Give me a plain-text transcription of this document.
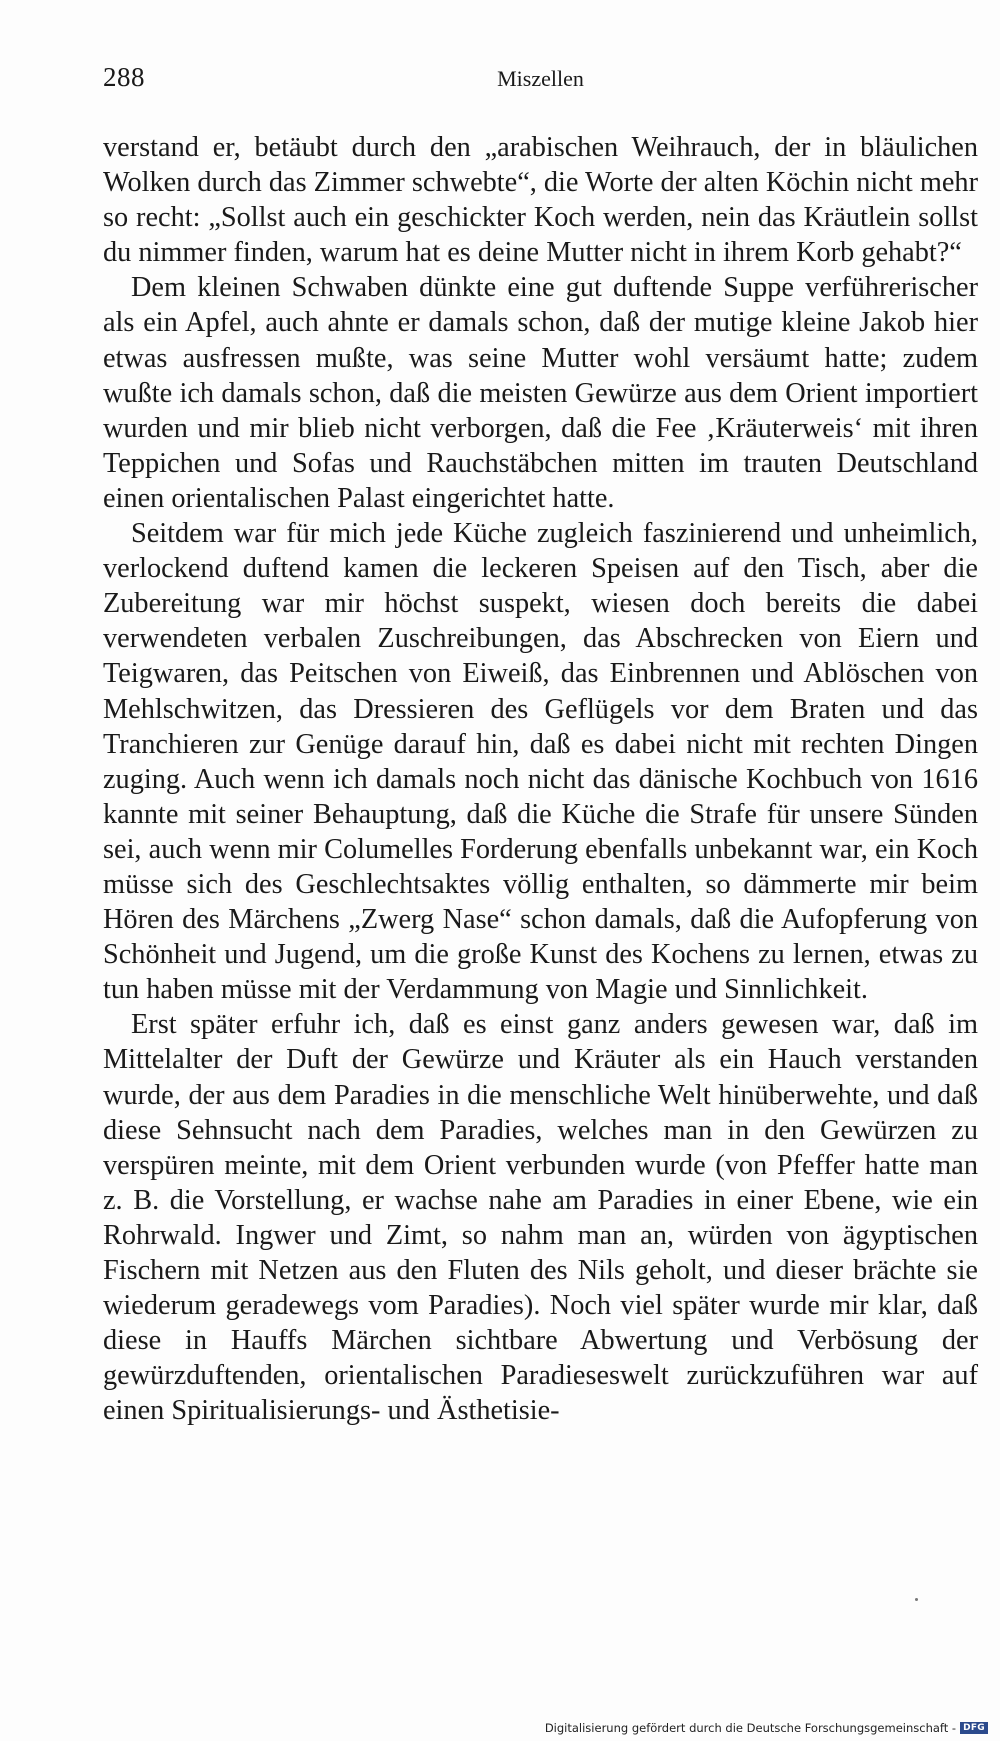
288	Miszellen

verstand er, betäubt durch den „arabischen Weihrauch, der in bläulichen Wolken durch das Zimmer schwebte“, die Worte der alten Köchin nicht mehr so recht: „Sollst auch ein geschickter Koch werden, nein das Kräutlein sollst du nimmer finden, warum hat es deine Mutter nicht in ihrem Korb gehabt?“

Dem kleinen Schwaben dünkte eine gut duftende Suppe verführerischer als ein Apfel, auch ahnte er damals schon, daß der mutige kleine Jakob hier etwas ausfressen mußte, was seine Mutter wohl versäumt hatte; zudem wußte ich damals schon, daß die meisten Gewürze aus dem Orient importiert wurden und mir blieb nicht verborgen, daß die Fee ‚Kräuterweis‘ mit ihren Teppichen und Sofas und Rauchstäbchen mitten im trauten Deutschland einen orientalischen Palast eingerichtet hatte.

Seitdem war für mich jede Küche zugleich faszinierend und unheimlich, verlockend duftend kamen die leckeren Speisen auf den Tisch, aber die Zubereitung war mir höchst suspekt, wiesen doch bereits die dabei verwendeten verbalen Zuschreibungen, das Abschrecken von Eiern und Teigwaren, das Peitschen von Eiweiß, das Einbrennen und Ablöschen von Mehlschwitzen, das Dressieren des Geflügels vor dem Braten und das Tranchieren zur Genüge darauf hin, daß es dabei nicht mit rechten Dingen zuging. Auch wenn ich damals noch nicht das dänische Kochbuch von 1616 kannte mit seiner Behauptung, daß die Küche die Strafe für unsere Sünden sei, auch wenn mir Columelles Forderung ebenfalls unbekannt war, ein Koch müsse sich des Geschlechtsaktes völlig enthalten, so dämmerte mir beim Hören des Märchens „Zwerg Nase“ schon damals, daß die Aufopferung von Schönheit und Jugend, um die große Kunst des Kochens zu lernen, etwas zu tun haben müsse mit der Verdammung von Magie und Sinnlichkeit.

Erst später erfuhr ich, daß es einst ganz anders gewesen war, daß im Mittelalter der Duft der Gewürze und Kräuter als ein Hauch verstanden wurde, der aus dem Paradies in die menschliche Welt hinüberwehte, und daß diese Sehnsucht nach dem Paradies, welches man in den Gewürzen zu verspüren meinte, mit dem Orient verbunden wurde (von Pfeffer hatte man z. B. die Vorstellung, er wachse nahe am Paradies in einer Ebene, wie ein Rohrwald. Ingwer und Zimt, so nahm man an, würden von ägyptischen Fischern mit Netzen aus den Fluten des Nils geholt, und dieser brächte sie wiederum geradewegs vom Paradies). Noch viel später wurde mir klar, daß diese in Hauffs Märchen sichtbare Abwertung und Verbösung der gewürzduftenden, orientalischen Paradieseswelt zurückzuführen war auf einen Spiritualisierungs- und Ästhetisie-

Digitalisierung gefördert durch die Deutsche Forschungsgemeinschaft - DFG
